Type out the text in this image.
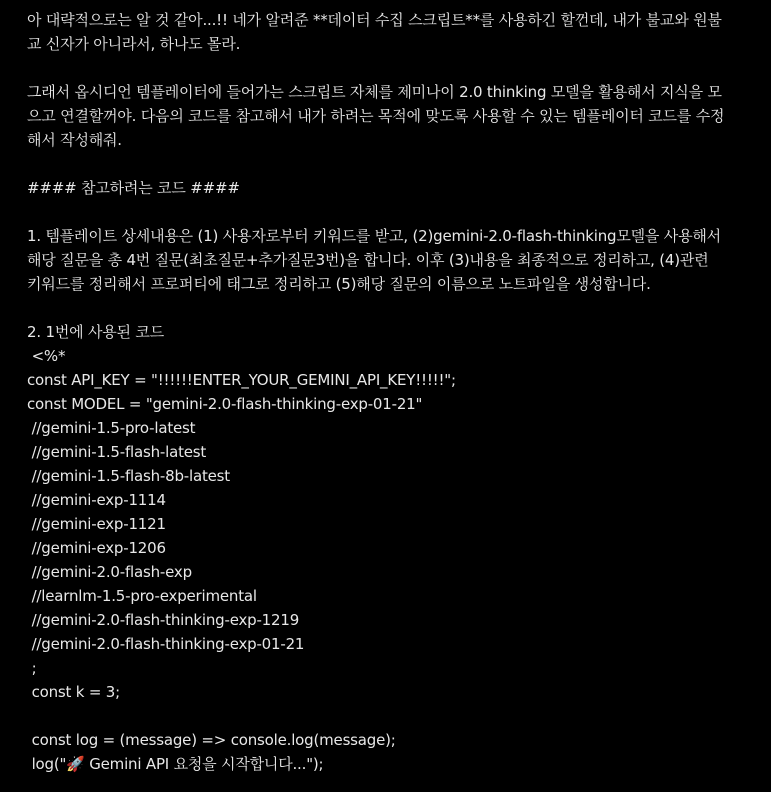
아 대략적으로는 알 것 같아...!! 네가 알려준 **데이터 수집 스크립트**를 사용하긴 할껀데, 내가 불교와 원불교 신자가 아니라서, 하나도 몰라.

그래서 옵시디언 템플레이터에 들어가는 스크립트 자체를 제미나이 2.0 thinking 모델을 활용해서 지식을 모으고 연결할꺼야. 다음의 코드를 참고해서 내가 하려는 목적에 맞도록 사용할 수 있는 템플레이터 코드를 수정해서 작성해줘.

#### 참고하려는 코드 ####

1. 템플레이트 상세내용은 (1) 사용자로부터 키워드를 받고, (2)gemini-2.0-flash-thinking모델을 사용해서 해당 질문을 총 4번 질문(최초질문+추가질문3번)을 합니다. 이후 (3)내용을 최종적으로 정리하고, (4)관련 키워드를 정리해서 프로퍼티에 태그로 정리하고 (5)해당 질문의 이름으로 노트파일을 생성합니다.

2. 1번에 사용된 코드

<%*
const API_KEY = "!!!!!!ENTER_YOUR_GEMINI_API_KEY!!!!!";
const MODEL = "gemini-2.0-flash-thinking-exp-01-21"
//gemini-1.5-pro-latest
//gemini-1.5-flash-latest
//gemini-1.5-flash-8b-latest
//gemini-exp-1114
//gemini-exp-1121
//gemini-exp-1206
//gemini-2.0-flash-exp
//learnlm-1.5-pro-experimental
//gemini-2.0-flash-thinking-exp-1219
//gemini-2.0-flash-thinking-exp-01-21
;
const k = 3;
const log = (message) => console.log(message);
log("🚀 Gemini API 요청을 시작합니다...");
